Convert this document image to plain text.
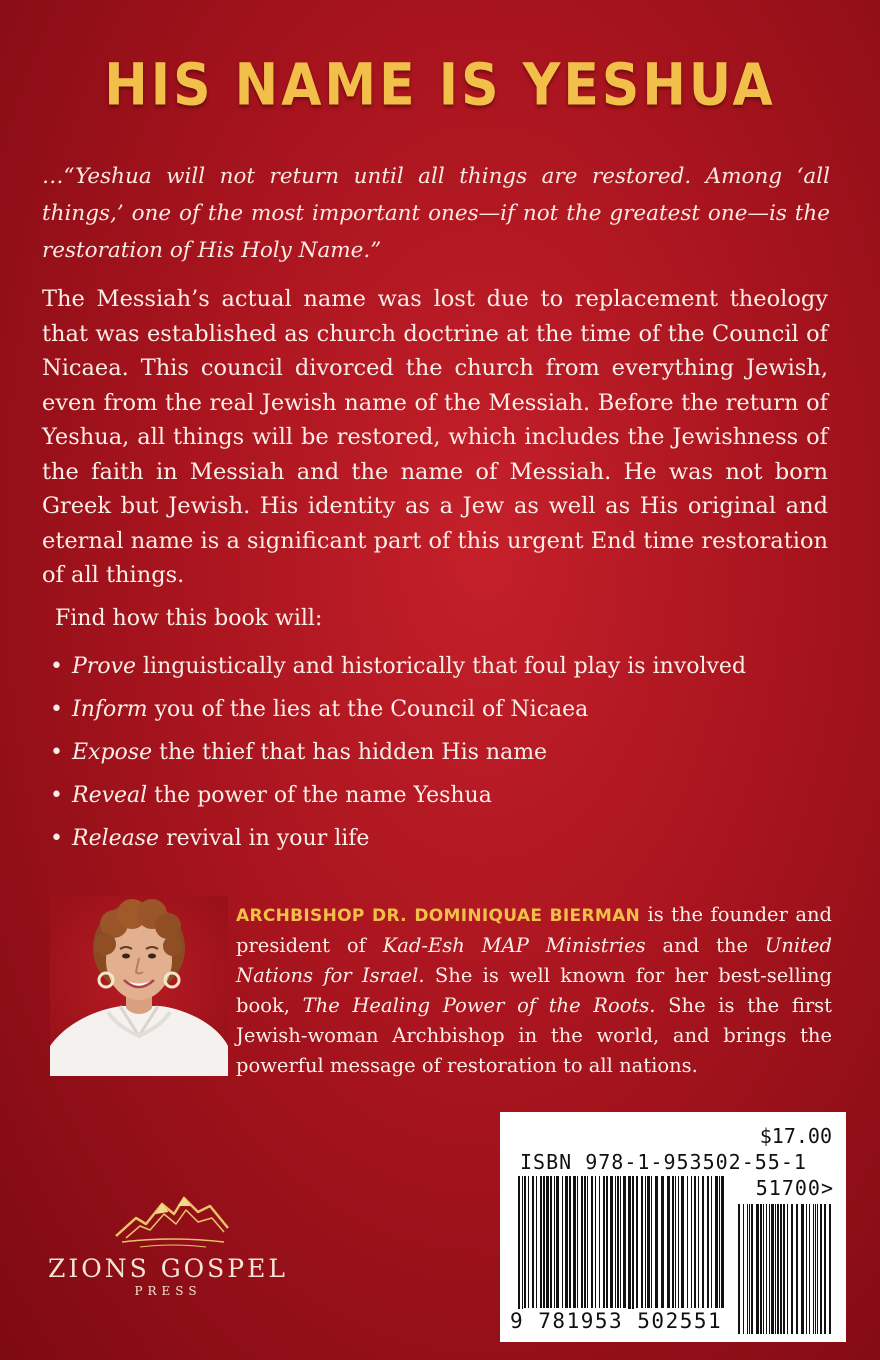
HIS NAME IS YESHUA
…“Yeshua will not return until all things are restored. Among ‘all things,’ one of the most important ones—if not the greatest one—is the restoration of His Holy Name.”
The Messiah’s actual name was lost due to replacement theology that was established as church doctrine at the time of the Council of Nicaea. This council divorced the church from everything Jewish, even from the real Jewish name of the Messiah. Before the return of Yeshua, all things will be restored, which includes the Jewishness of the faith in Messiah and the name of Messiah. He was not born Greek but Jewish. His identity as a Jew as well as His original and eternal name is a significant part of this urgent End time restoration of all things.
Find how this book will:
• Prove linguistically and historically that foul play is involved
• Inform you of the lies at the Council of Nicaea
• Expose the thief that has hidden His name
• Reveal the power of the name Yeshua
• Release revival in your life
ARCHBISHOP DR. DOMINIQUAE BIERMAN is the founder and president of Kad-Esh MAP Ministries and the United Nations for Israel. She is well known for her best-selling book, The Healing Power of the Roots. She is the first Jewish-woman Archbishop in the world, and brings the powerful message of restoration to all nations.
ZIONS GOSPEL
PRESS
$17.00
ISBN 978-1-953502-55-1
51700>
9 781953 502551
